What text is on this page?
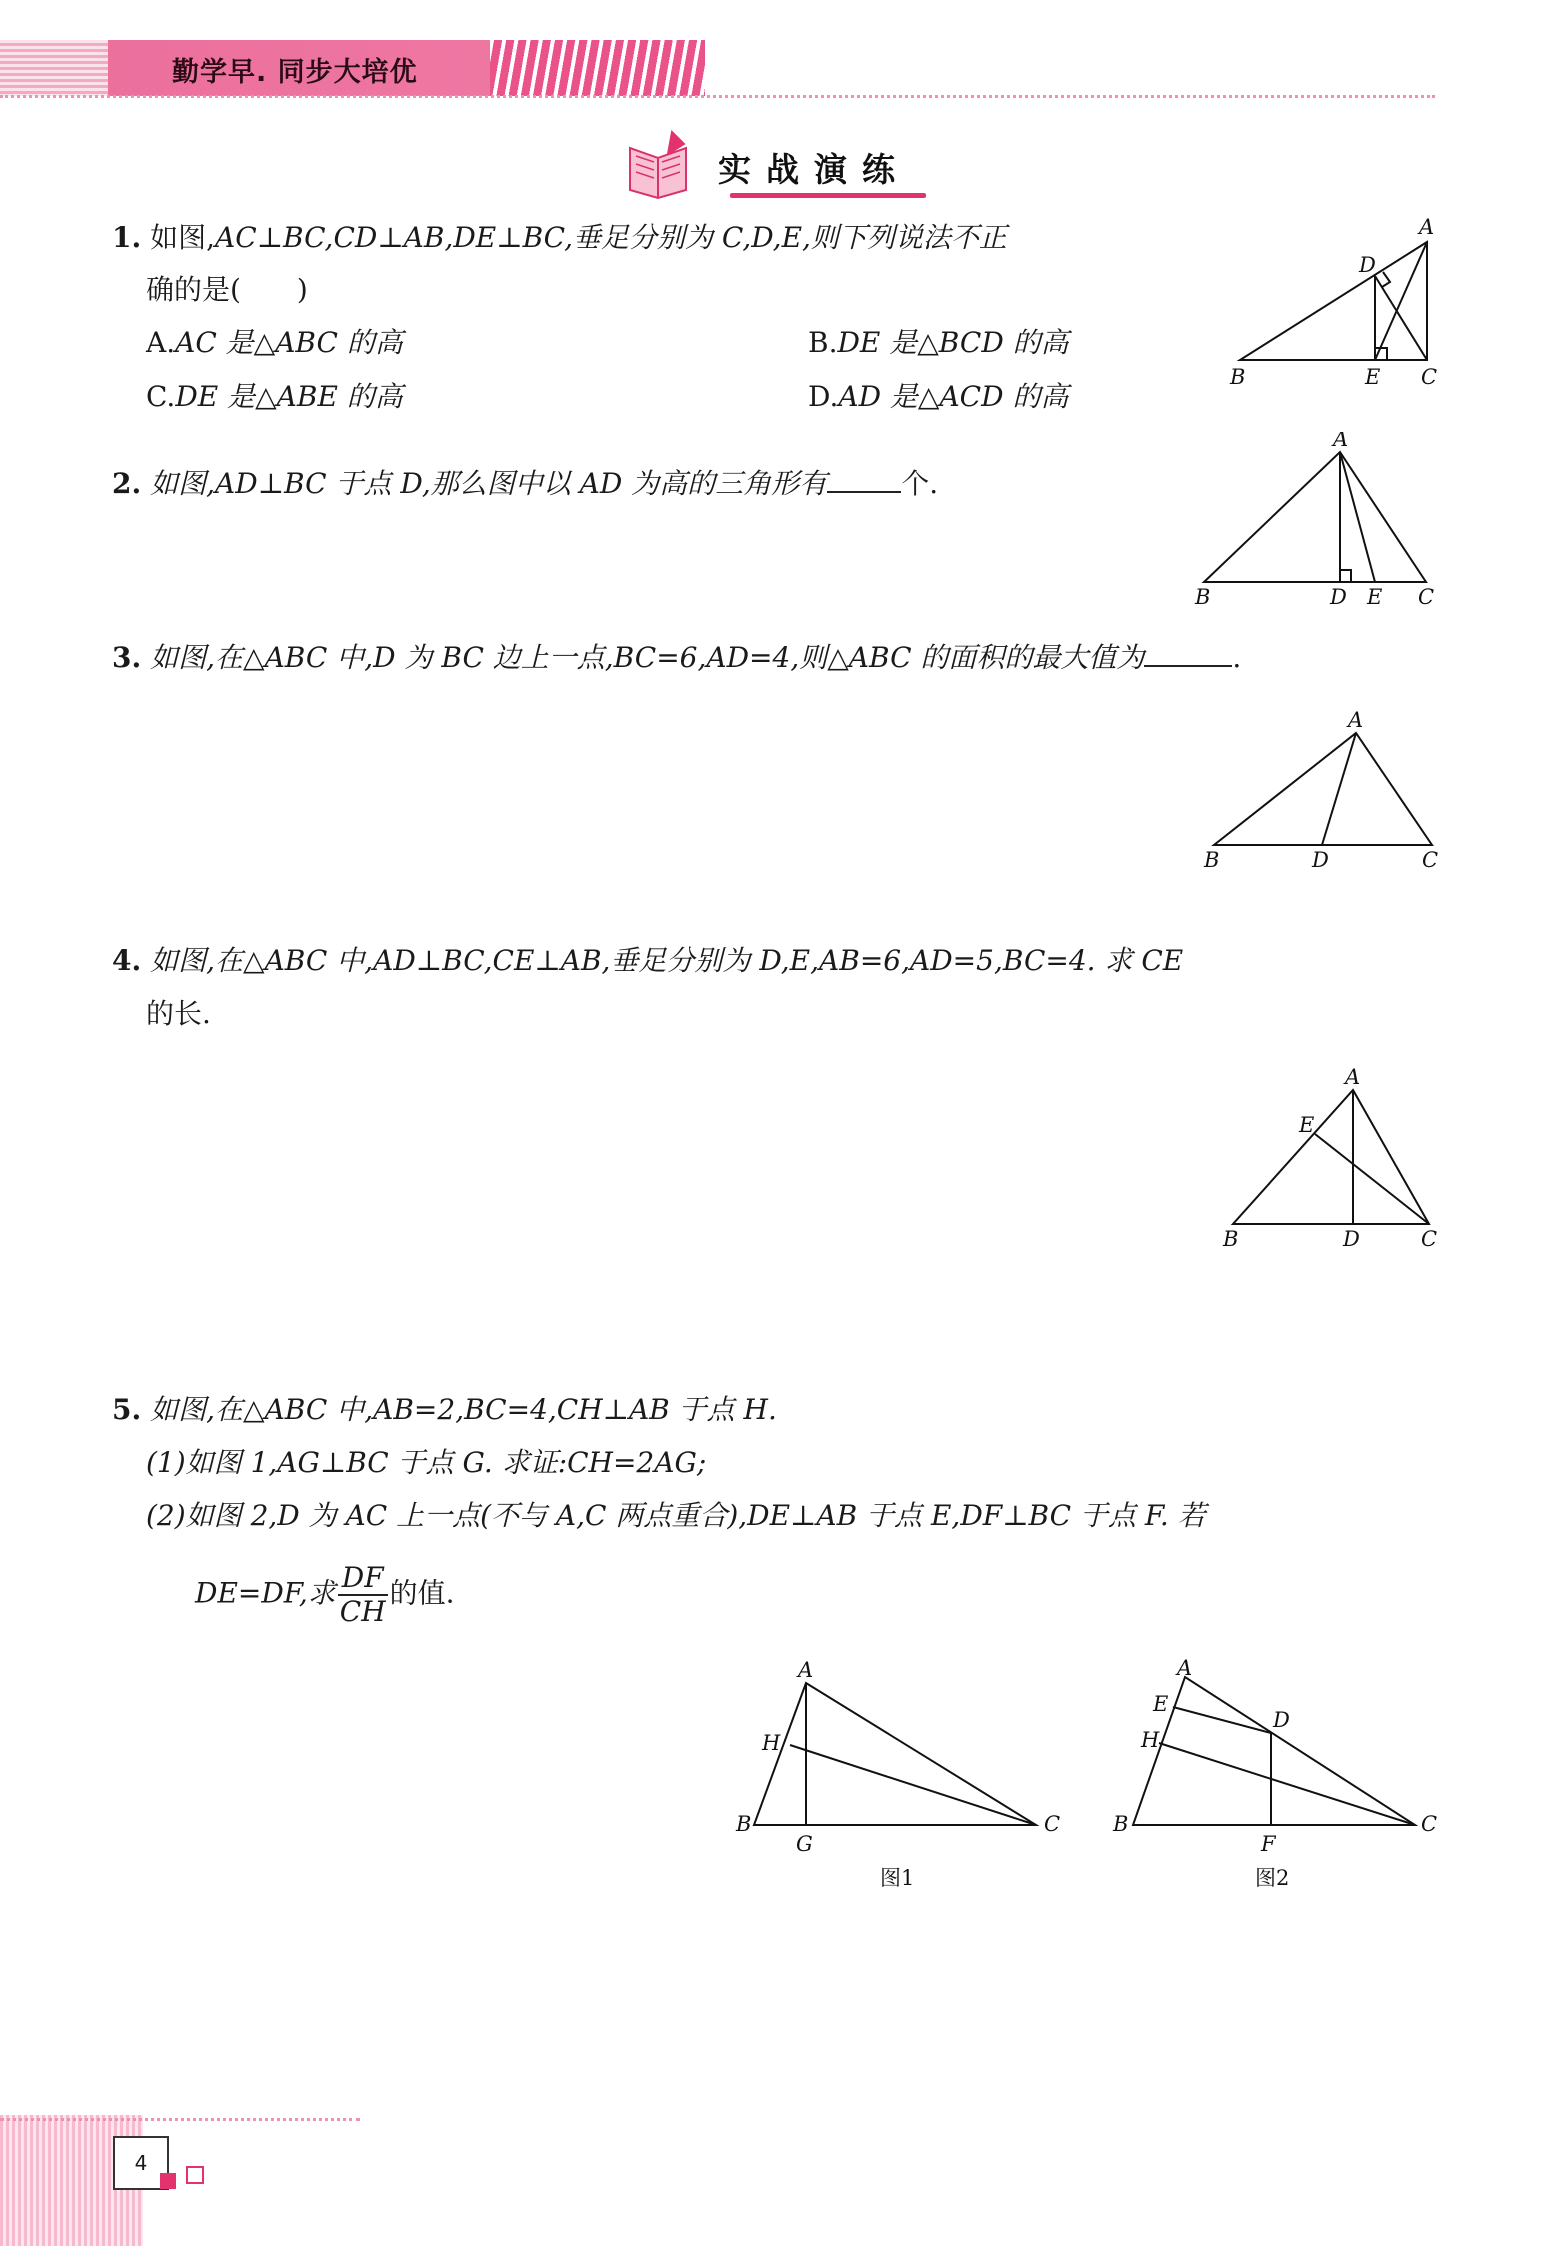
勤学早. 同步大培优
实战演练
1. 如图,AC⊥BC,CD⊥AB,DE⊥BC,垂足分别为 C,D,E,则下列说法不正
确的是(　　)
A.AC 是△ABC 的高	B.DE 是△BCD 的高
C.DE 是△ABE 的高	D.AD 是△ACD 的高
A
D
B	E C
2. 如图,AD⊥BC 于点 D,那么图中以 AD 为高的三角形有	个.
A
B	D E C
3. 如图,在△ABC 中,D 为 BC 边上一点,BC=6,AD=4,则△ABC 的面积的最大值为	.
A
B	D	C
4. 如图,在△ABC 中,AD⊥BC,CE⊥AB,垂足分别为 D,E,AB=6,AD=5,BC=4. 求 CE
的长.
A
E
B	D	C
5. 如图,在△ABC 中,AB=2,BC=4,CH⊥AB 于点 H.
(1)如图 1,AG⊥BC 于点 G. 求证:CH=2AG;
(2)如图 2,D 为 AC 上一点(不与 A,C 两点重合),DE⊥AB 于点 E,DF⊥BC 于点 F. 若
DE=DF,求 $\frac{DF}{CH}$ 的值.
A
H
B
G
C
图1
A
E
D
H
B
F
C
图2
4
